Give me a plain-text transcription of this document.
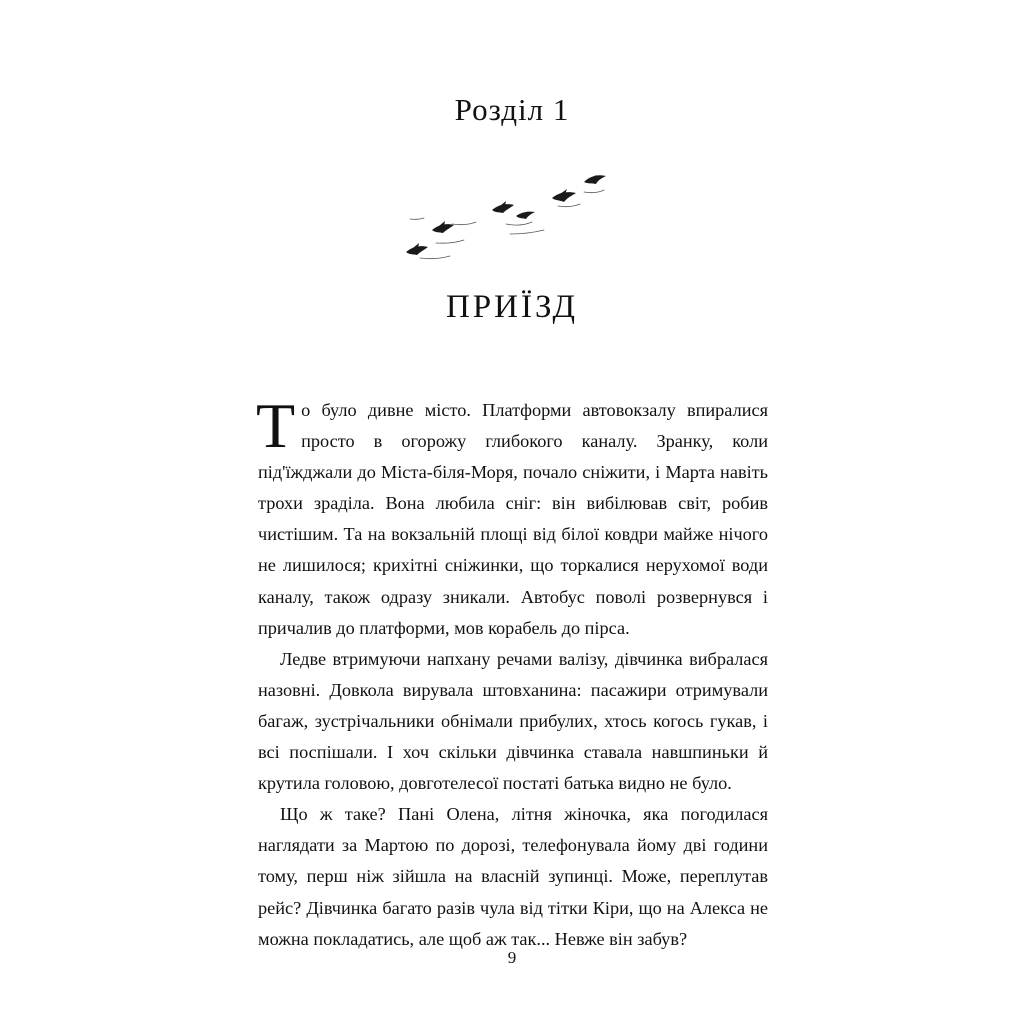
Розділ 1
ПРИЇЗД

То було дивне місто. Платформи автовокзалу впиралися просто в огорожу глибокого каналу. Зранку, коли під'їжджали до Міста-біля-Моря, почало сніжити, і Марта навіть трохи зраділа. Вона любила сніг: він вибілював світ, робив чистішим. Та на вокзальній площі від білої ковдри майже нічого не лишилося; крихітні сніжинки, що торкалися нерухомої води каналу, також одразу зникали. Автобус поволі розвернувся і причалив до платформи, мов корабель до пірса.

Ледве втримуючи напхану речами валізу, дівчинка вибралася назовні. Довкола вирувала штовханина: пасажири отримували багаж, зустрічальники обнімали прибулих, хтось когось гукав, і всі поспішали. І хоч скільки дівчинка ставала навшпиньки й крутила головою, довготелесої постаті батька видно не було.

Що ж таке? Пані Олена, літня жіночка, яка погодилася наглядати за Мартою по дорозі, телефонувала йому дві години тому, перш ніж зійшла на власній зупинці. Може, переплутав рейс? Дівчинка багато разів чула від тітки Кіри, що на Алекса не можна покладатись, але щоб аж так... Невже він забув?

9
